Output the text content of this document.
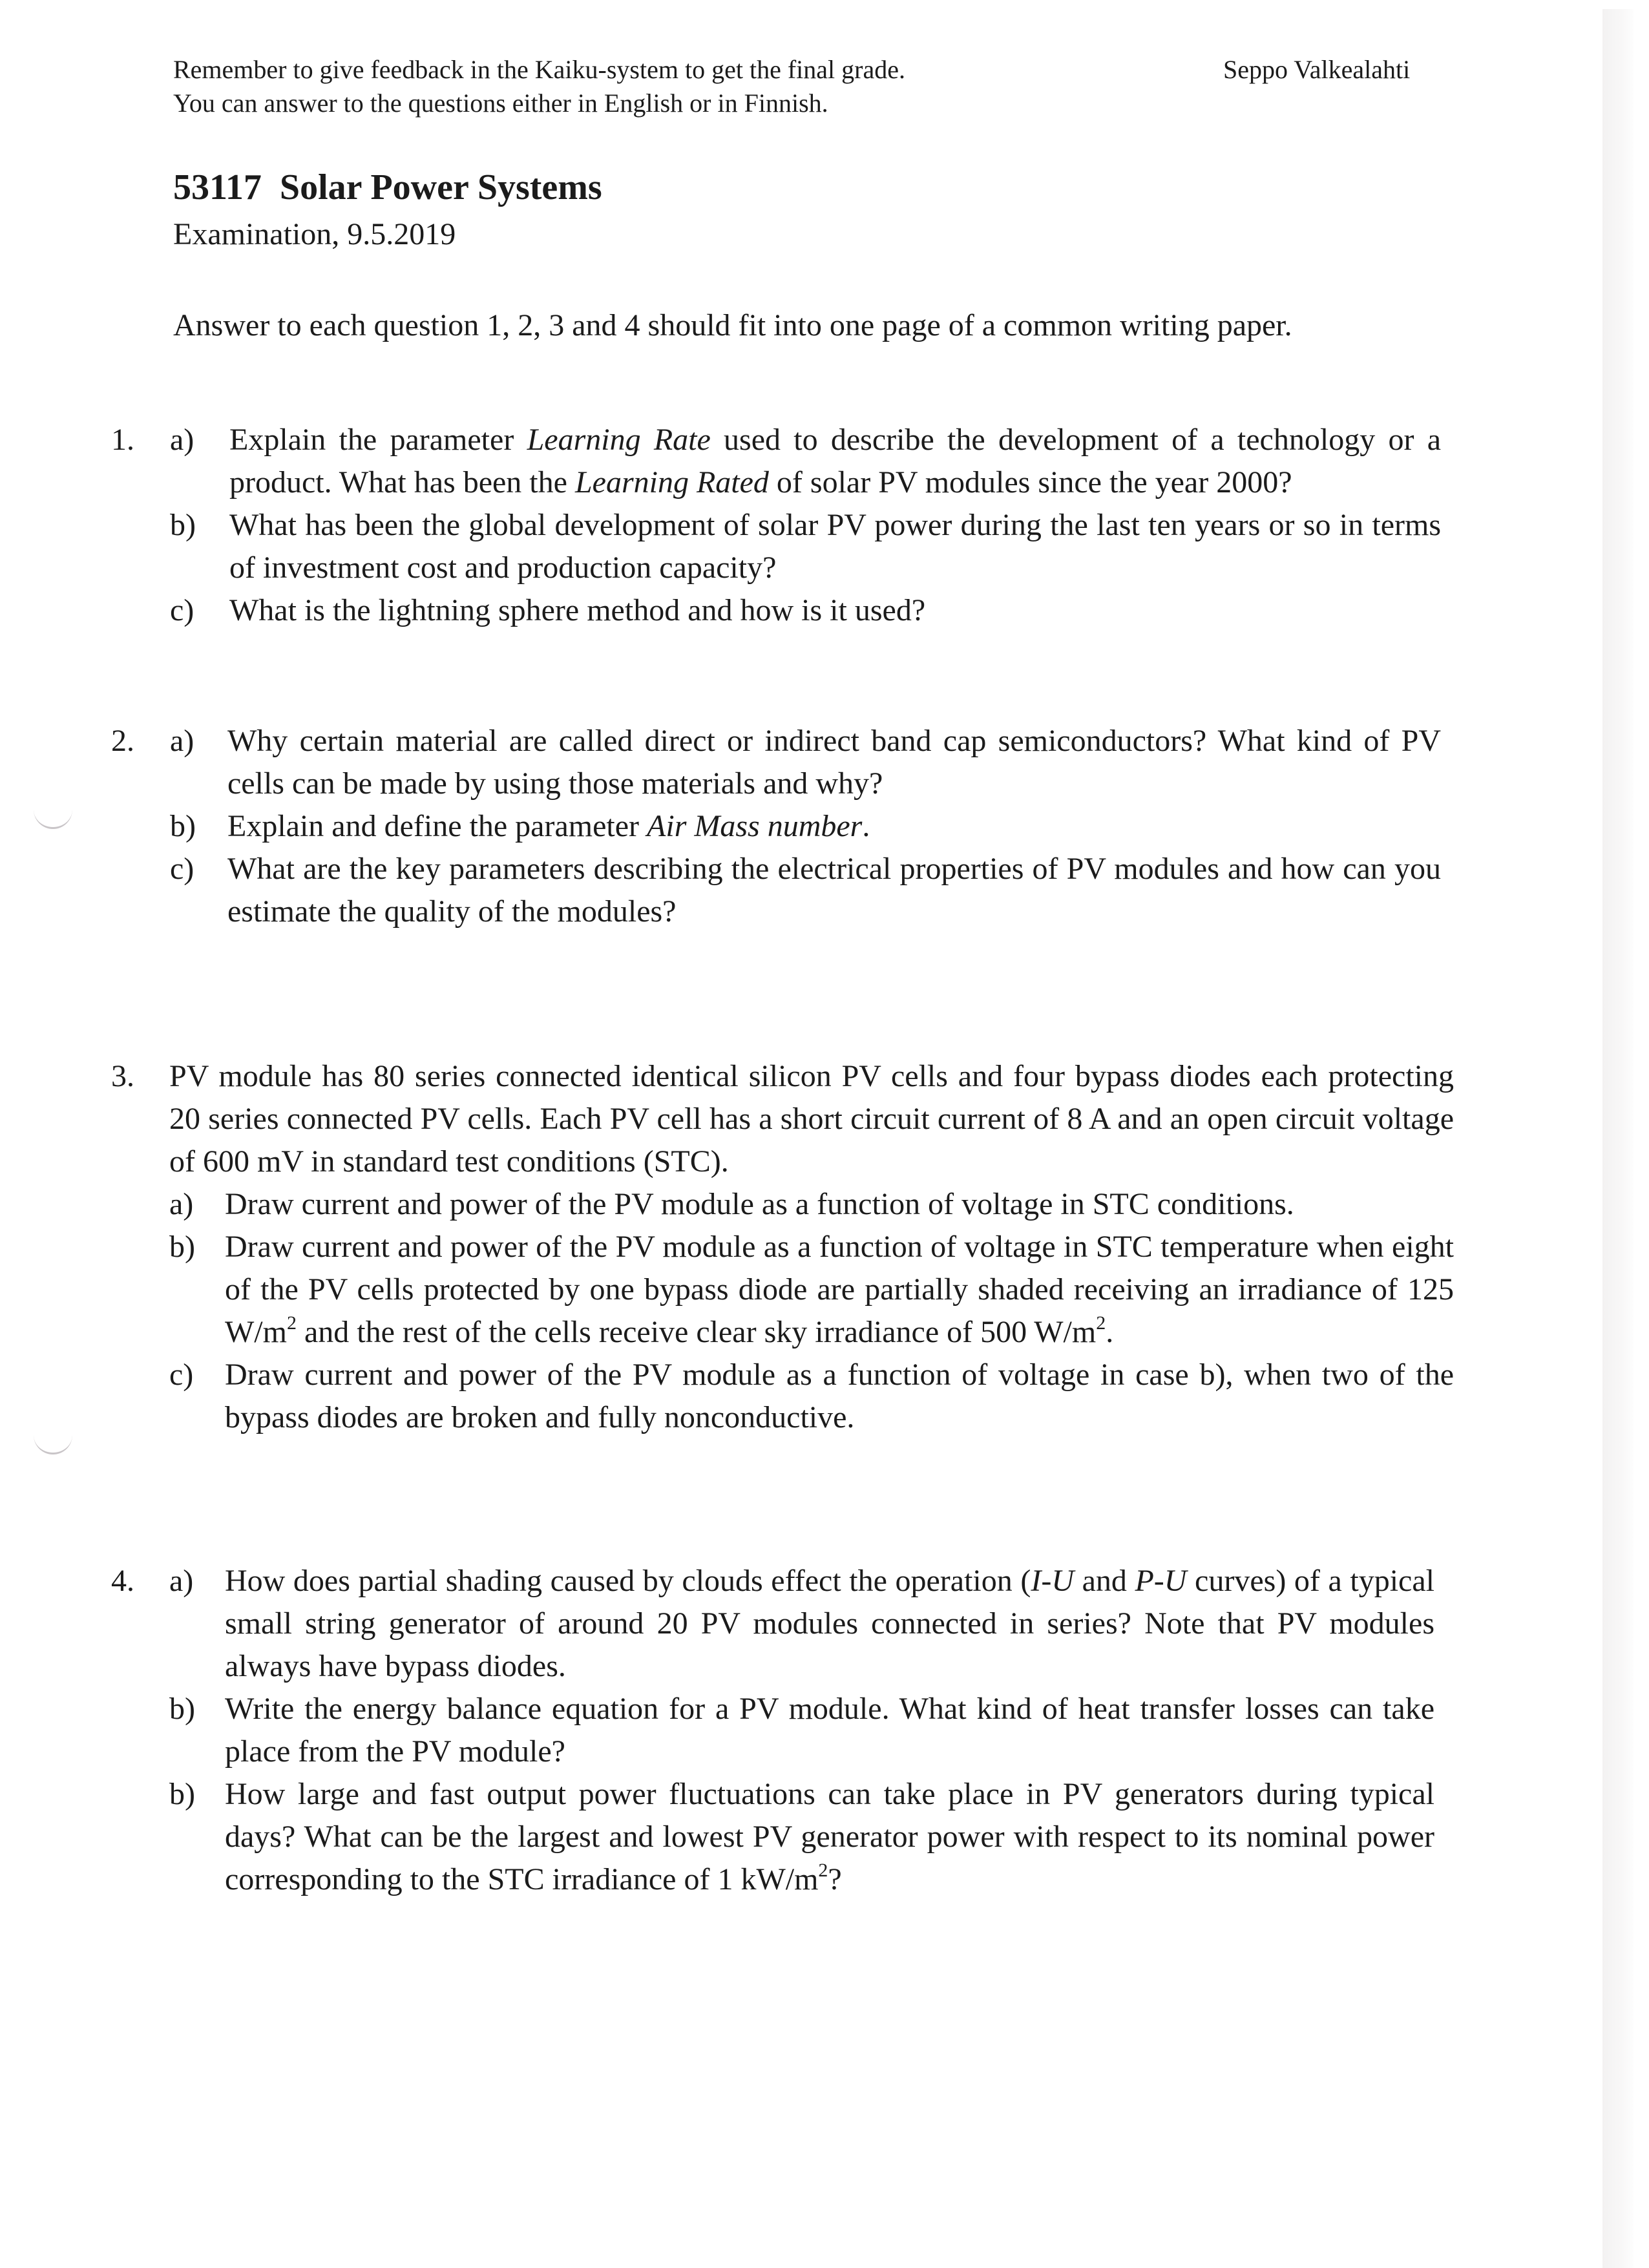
Remember to give feedback in the Kaiku-system to get the final grade.
You can answer to the questions either in English or in Finnish.
Seppo Valkealahti
53117 Solar Power Systems
Examination, 9.5.2019
Answer to each question 1, 2, 3 and 4 should fit into one page of a common writing paper.
1. a) Explain the parameter Learning Rate used to describe the development of a technology or a product. What has been the Learning Rated of solar PV modules since the year 2000?
b) What has been the global development of solar PV power during the last ten years or so in terms of investment cost and production capacity?
c) What is the lightning sphere method and how is it used?
2. a) Why certain material are called direct or indirect band cap semiconductors? What kind of PV cells can be made by using those materials and why?
b) Explain and define the parameter Air Mass number.
c) What are the key parameters describing the electrical properties of PV modules and how can you estimate the quality of the modules?
3. PV module has 80 series connected identical silicon PV cells and four bypass diodes each protecting 20 series connected PV cells. Each PV cell has a short circuit current of 8 A and an open circuit voltage of 600 mV in standard test conditions (STC).
a) Draw current and power of the PV module as a function of voltage in STC conditions.
b) Draw current and power of the PV module as a function of voltage in STC temperature when eight of the PV cells protected by one bypass diode are partially shaded receiving an irradiance of 125 $W/m^2$ and the rest of the cells receive clear sky irradiance of 500 $W/m^2$.
c) Draw current and power of the PV module as a function of voltage in case b), when two of the bypass diodes are broken and fully nonconductive.
4. a) How does partial shading caused by clouds effect the operation (I-U and P-U curves) of a typical small string generator of around 20 PV modules connected in series? Note that PV modules always have bypass diodes.
b) Write the energy balance equation for a PV module. What kind of heat transfer losses can take place from the PV module?
b) How large and fast output power fluctuations can take place in PV generators during typical days? What can be the largest and lowest PV generator power with respect to its nominal power corresponding to the STC irradiance of 1 $kW/m^2$?
